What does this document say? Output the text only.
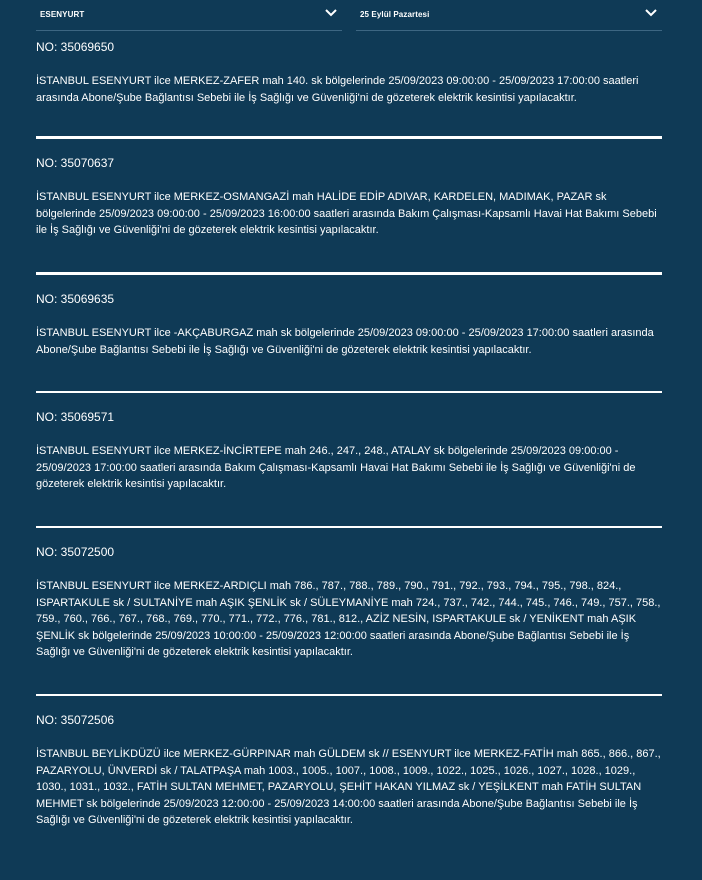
ESENYURT	25 Eylül Pazartesi

NO: 35069650

İSTANBUL ESENYURT ilce MERKEZ-ZAFER mah 140. sk bölgelerinde 25/09/2023 09:00:00 - 25/09/2023 17:00:00 saatleri arasında Abone/Şube Bağlantısı Sebebi ile İş Sağlığı ve Güvenliği'ni de gözeterek elektrik kesintisi yapılacaktır.

NO: 35070637

İSTANBUL ESENYURT ilce MERKEZ-OSMANGAZİ mah HALİDE EDİP ADIVAR, KARDELEN, MADIMAK, PAZAR sk bölgelerinde 25/09/2023 09:00:00 - 25/09/2023 16:00:00 saatleri arasında Bakım Çalışması-Kapsamlı Havai Hat Bakımı Sebebi ile İş Sağlığı ve Güvenliği'ni de gözeterek elektrik kesintisi yapılacaktır.

NO: 35069635

İSTANBUL ESENYURT ilce -AKÇABURGAZ mah sk bölgelerinde 25/09/2023 09:00:00 - 25/09/2023 17:00:00 saatleri arasında Abone/Şube Bağlantısı Sebebi ile İş Sağlığı ve Güvenliği'ni de gözeterek elektrik kesintisi yapılacaktır.

NO: 35069571

İSTANBUL ESENYURT ilce MERKEZ-İNCİRTEPE mah 246., 247., 248., ATALAY sk bölgelerinde 25/09/2023 09:00:00 - 25/09/2023 17:00:00 saatleri arasında Bakım Çalışması-Kapsamlı Havai Hat Bakımı Sebebi ile İş Sağlığı ve Güvenliği'ni de gözeterek elektrik kesintisi yapılacaktır.

NO: 35072500

İSTANBUL ESENYURT ilce MERKEZ-ARDIÇLI mah 786., 787., 788., 789., 790., 791., 792., 793., 794., 795., 798., 824., ISPARTAKULE sk / SULTANİYE mah AŞIK ŞENLİK sk / SÜLEYMANİYE mah 724., 737., 742., 744., 745., 746., 749., 757., 758., 759., 760., 766., 767., 768., 769., 770., 771., 772., 776., 781., 812., AZİZ NESİN, ISPARTAKULE sk / YENİKENT mah AŞIK ŞENLİK sk bölgelerinde 25/09/2023 10:00:00 - 25/09/2023 12:00:00 saatleri arasında Abone/Şube Bağlantısı Sebebi ile İş Sağlığı ve Güvenliği'ni de gözeterek elektrik kesintisi yapılacaktır.

NO: 35072506

İSTANBUL BEYLİKDÜZÜ ilce MERKEZ-GÜRPINAR mah GÜLDEM sk // ESENYURT ilce MERKEZ-FATİH mah 865., 866., 867., PAZARYOLU, ÜNVERDİ sk / TALATPAŞA mah 1003., 1005., 1007., 1008., 1009., 1022., 1025., 1026., 1027., 1028., 1029., 1030., 1031., 1032., FATİH SULTAN MEHMET, PAZARYOLU, ŞEHİT HAKAN YILMAZ sk / YEŞİLKENT mah FATİH SULTAN MEHMET sk bölgelerinde 25/09/2023 12:00:00 - 25/09/2023 14:00:00 saatleri arasında Abone/Şube Bağlantısı Sebebi ile İş Sağlığı ve Güvenliği'ni de gözeterek elektrik kesintisi yapılacaktır.
